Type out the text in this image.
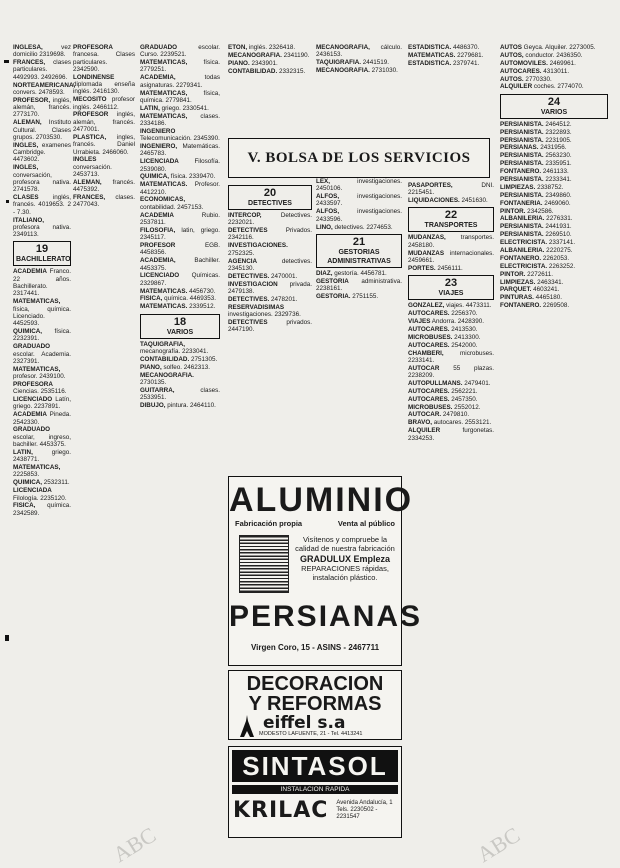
INGLESA, vez domicilio 2319698.

FRANCES, clases particulares. 4492993. 2492696.

NORTEAMERICANA, convers. 2478593.

PROFESOR, inglés, alemán, francés. 2773170.

ALEMAN, Instituto Cultural. Clases grupos. 2703530.

INGLES, examenes Cambridge. 4473602.

INGLES, conversación, profesora nativa. 2741578.

CLASES inglés, francés. 4019653. 2 - 7.30.

ITALIANO, profesora nativa. 2349113.

19
BACHILLERATO

ACADEMIA Franco. 22 años. Bachillerato. 2317441.

MATEMATICAS, física, química. Licenciado. 4452593.

QUIMICA, física. 2232391.

GRADUADO escolar. Academia. 2327391.

MATEMATICAS, profesor. 2439100.

PROFESORA Ciencias. 2535116.

LICENCIADO Latín, griego. 2237891.

ACADEMIA Pineda. 2542330.

GRADUADO escolar, ingreso, bachiller. 4453375.

LATIN, griego. 2438771.

MATEMATICAS, 2225853.

QUIMICA, 2532311.

LICENCIADA Filología. 2235120.

FISICA, química. 2342589.

PROFESORA francesa. Clases particulares. 2342590.

LONDINENSE diplomada enseña inglés. 2416130.

MECOSITO profesor inglés. 2466112.

PROFESOR inglés, alemán, francés. 2477001.

PLASTICA, ingles, francés. Daniel Urrabieta. 2466060.

INGLES conversación. 2453713.

ALEMAN, francés. 4475392.

FRANCES, clases. 2477043.

GRADUADO escolar. Curso. 2239521.

MATEMATICAS, física. 2779251.

ACADEMIA, todas asignaturas. 2279341.

MATEMATICAS, física, química. 2779841.

LATIN, griego. 2330541.

MATEMATICAS, clases. 2334186.

INGENIERO Telecomunicación. 2345390.

INGENIERO, Matemáticas. 2465783.

LICENCIADA Filosofía. 2539080.

QUIMICA, física. 2339470.

MATEMATICAS. Profesor. 4412210.

ECONOMICAS, contabilidad. 2457153.

ACADEMIA Rubio. 2537811.

FILOSOFIA, latin, griego. 2345117.

PROFESOR EGB. 4458356.

ACADEMIA, Bachiller. 4453375.

LICENCIADO Químicas. 2329867.

MATEMATICAS. 4456730.

FISICA, química. 4469353.

MATEMATICAS. 2339512.

18
VARIOS

TAQUIGRAFIA, mecanografía. 2233041.

CONTABILIDAD. 2751305.

PIANO, solfeo. 2462313.

MECANOGRAFIA. 2730135.

GUITARRA, clases. 2533951.

DIBUJO, pintura. 2464110.

ETON, inglés. 2326418.

MECANOGRAFIA. 2341190.

PIANO. 2343901.

CONTABILIDAD. 2332315.

MECANOGRAFIA, cálculo. 2436153.

TAQUIGRAFIA. 2441519.

MECANOGRAFIA. 2731030.

V. BOLSA DE LOS SERVICIOS
20
DETECTIVES

INTERCOP, Detectives. 2232021.

DETECTIVES Privados. 2342116.

INVESTIGACIONES. 2752325.

AGENCIA detectives. 2345130.

DETECTIVES. 2470001.

INVESTIGACION privada. 2479138.

DETECTIVES. 2478201.

RESERVADISIMAS investigaciones. 2329736.

DETECTIVES privados. 2447190.

LEX, investigaciones. 2450106.

ALFOS, investigaciones. 2433597.

ALFOS, investigaciones. 2433596.

LINO, detectives. 2274653.

21
GESTORIAS ADMINISTRATIVAS

DIAZ, gestoría. 4456781.

GESTORIA administrativa. 2238161.

GESTORIA. 2751155.

ESTADISTICA. 4486370.

MATEMATICAS. 2279681.

ESTADISTICA. 2379741.

PASAPORTES, DNI. 2215451.

LIQUIDACIONES. 2451630.

22
TRANSPORTES

MUDANZAS, transportes. 2458180.

MUDANZAS internacionales. 2459661.

PORTES. 2456111.

23
VIAJES

GONZALEZ, viajes. 4473311.

AUTOCARES. 2256370.

VIAJES Andorra. 2428390.

AUTOCARES. 2413530.

MICROBUSES. 2413300.

AUTOCARES. 2542000.

CHAMBERI, microbuses. 2233141.

AUTOCAR 55 plazas. 2238209.

AUTOPULLMANS. 2479401.

AUTOCARES. 2562221.

AUTOCARES. 2457350.

MICROBUSES. 2552012.

AUTOCAR. 2479810.

BRAVO, autocares. 2553121.

ALQUILER furgonetas. 2334253.

AUTOS Geyca. Alquiler. 2273005.

AUTOS, conductor. 2436350.

AUTOMOVILES. 2469961.

AUTOCARES. 4313011.

AUTOS. 2770330.

ALQUILER coches. 2774070.

24
VARIOS

PERSIANISTA. 2464512.

PERSIANISTA. 2322893.

PERSIANISTA. 2231905.

PERSIANAS. 2431956.

PERSIANISTA. 2563230.

PERSIANISTA. 2335951.

FONTANERO. 2461133.

PERSIANISTA. 2233341.

LIMPIEZAS. 2338752.

PERSIANISTA. 2349860.

FONTANERIA. 2469060.

PINTOR. 2342586.

ALBANILERIA. 2276331.

PERSIANISTA. 2441931.

PERSIANISTA. 2269510.

ELECTRICISTA. 2337141.

ALBANILERIA. 2220275.

FONTANERO. 2262053.

ELECTRICISTA. 2263252.

PINTOR. 2272611.

LIMPIEZAS. 2463341.

PARQUET. 4603241.

PINTURAS. 4465180.

FONTANERO. 2269508.

ALUMINIO
Fabricación propia	Venta al público
Visítenos y compruebe la calidad de nuestra fabricación
GRADULUX Empleza
REPARACIONES rápidas, instalación plástico.
PERSIANAS
Virgen Coro, 15 - ASINS - 2467711
DECORACION
Y REFORMAS
eiffel s.a
MODESTO LAFUENTE, 21 - Tel. 4413241
SINTASOL
INSTALACION RAPIDA
KRILAC Avenida Andalucía, 1
Tels. 2230502 - 2231547
ABC	ABC
